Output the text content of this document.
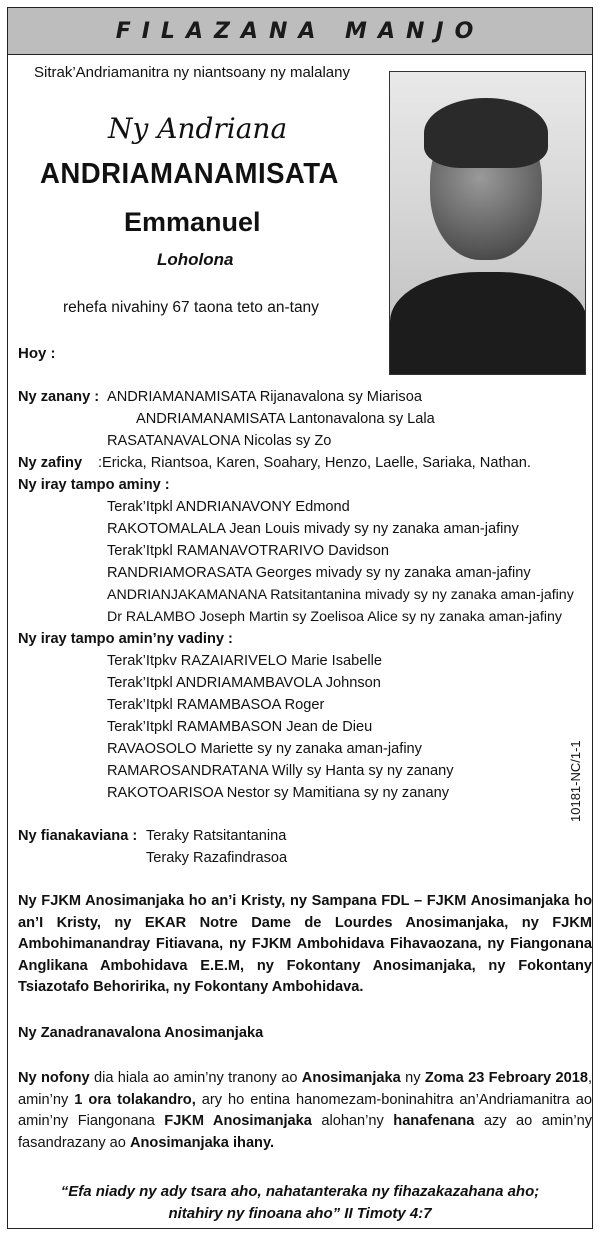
FILAZANA MANJO
Sitrak’Andriamanitra ny niantsoany ny malalany
Ny Andriana
ANDRIAMANAMISATA
Emmanuel
Loholona
rehefa nivahiny 67 taona teto an-tany
Hoy :
Ny zanany : ANDRIAMANAMISATA Rijanavalona sy Miarisoa
ANDRIAMANAMISATA Lantonavalona sy Lala
RASATANAVALONA Nicolas sy Zo
Ny zafiny :Ericka, Riantsoa, Karen, Soahary, Henzo, Laelle, Sariaka, Nathan.
Ny iray tampo aminy :
Terak’Itpkl ANDRIANAVONY Edmond
RAKOTOMALALA Jean Louis mivady sy ny zanaka aman-jafiny
Terak’Itpkl RAMANAVOTRARIVO Davidson
RANDRIAMORASATA Georges mivady sy ny zanaka aman-jafiny
ANDRIANJAKAMANANA Ratsitantanina mivady sy ny zanaka aman-jafiny
Dr RALAMBO Joseph Martin sy Zoelisoa Alice sy ny zanaka aman-jafiny
Ny iray tampo amin’ny vadiny :
Terak’Itpkv RAZAIARIVELO Marie Isabelle
Terak’Itpkl ANDRIAMAMBAVOLA Johnson
Terak’Itpkl RAMAMBASOA Roger
Terak’Itpkl RAMAMBASON Jean de Dieu
RAVAOSOLO Mariette sy ny zanaka aman-jafiny
RAMAROSANDRATANA Willy sy Hanta sy ny zanany
RAKOTOARISOA Nestor sy Mamitiana sy ny zanany	10181-NC/1-1
Ny fianakaviana : Teraky Ratsitantanina
Teraky Razafindrasoa
Ny FJKM Anosimanjaka ho an’i Kristy, ny Sampana FDL – FJKM Anosimanjaka ho an’I Kristy, ny EKAR Notre Dame de Lourdes Anosimanjaka, ny FJKM Ambohimanandray Fitiavana, ny FJKM Ambohidava Fihavaozana, ny Fiangonana Anglikana Ambohidava E.E.M, ny Fokontany Anosimanjaka, ny Fokontany Tsiazotafo Behoririka, ny Fokontany Ambohidava.
Ny Zanadranavalona Anosimanjaka
Ny nofony dia hiala ao amin’ny tranony ao Anosimanjaka ny Zoma 23 Febroary 2018, amin’ny 1 ora tolakandro, ary ho entina hanomezam-boninahitra an’Andriamanitra ao amin’ny Fiangonana FJKM Anosimanjaka alohan’ny hanafenana azy ao amin’ny fasandrazany ao Anosimanjaka ihany.
“Efa niady ny ady tsara aho, nahatanteraka ny fihazakazahana aho;
nitahiry ny finoana aho” II Timoty 4:7
